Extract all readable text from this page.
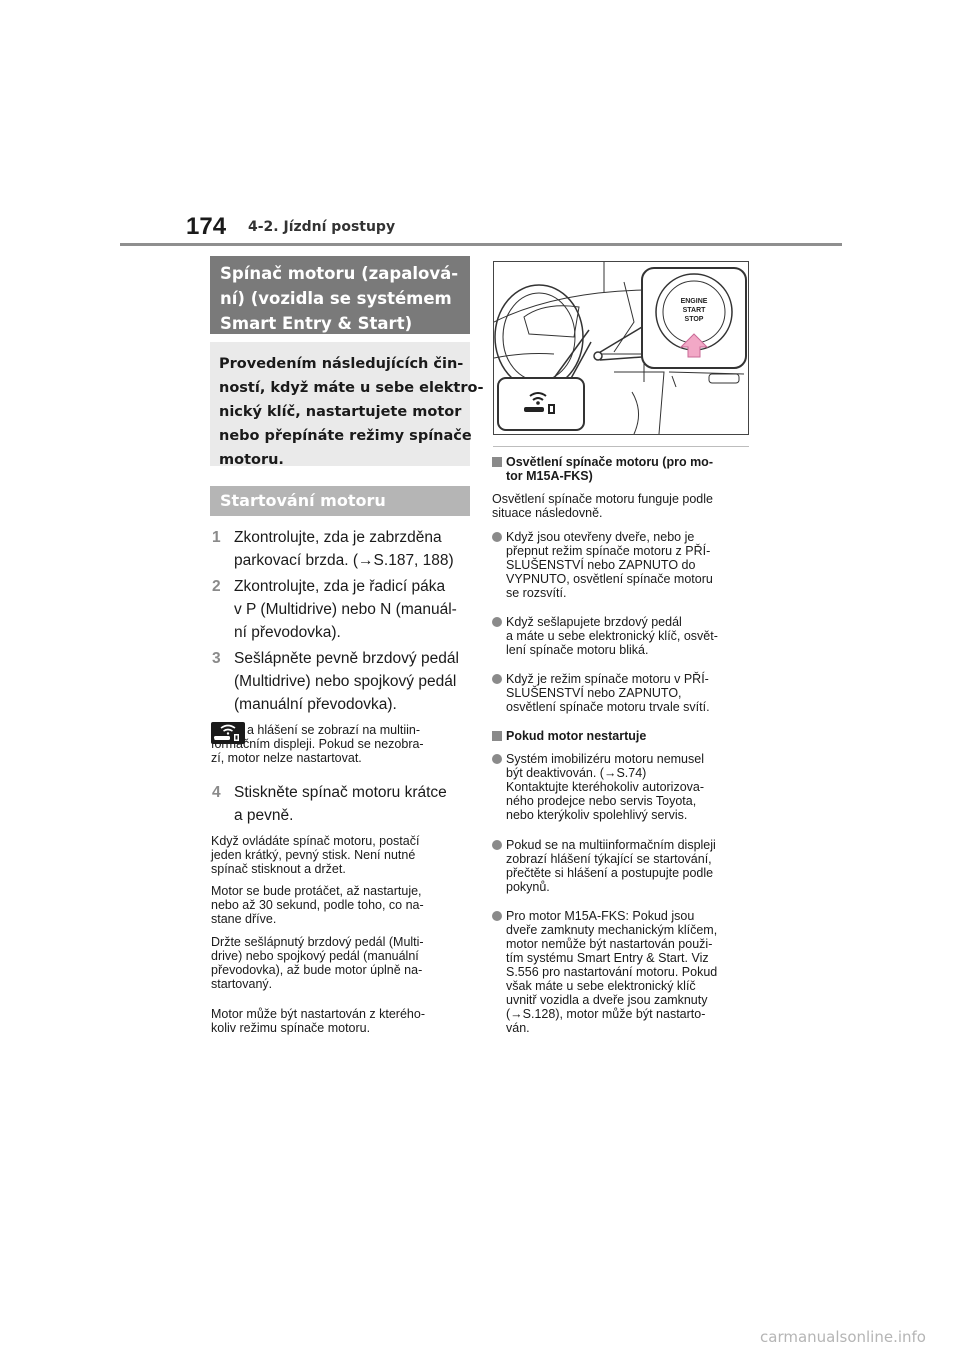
174 4-2. Jízdní postupy
Spínač motoru (zapalová-
ní) (vozidla se systémem
Smart Entry & Start)
Provedením následujících čin-
ností, když máte u sebe elektro-
nický klíč, nastartujete motor
nebo přepínáte režimy spínače
motoru.
Startování motoru
1 Zkontrolujte, zda je zabrzděna
parkovací brzda. (→S.187, 188)
2 Zkontrolujte, zda je řadicí páka
v P (Multidrive) nebo N (manuál-
ní převodovka).
3 Sešlápněte pevně brzdový pedál
(Multidrive) nebo spojkový pedál
(manuální převodovka).
a hlášení se zobrazí na multiin-
formačním displeji. Pokud se nezobra-
zí, motor nelze nastartovat.
4 Stiskněte spínač motoru krátce
a pevně.
Když ovládáte spínač motoru, postačí
jeden krátký, pevný stisk. Není nutné
spínač stisknout a držet.
Motor se bude protáčet, až nastartuje,
nebo až 30 sekund, podle toho, co na-
stane dříve.
Držte sešlápnutý brzdový pedál (Multi-
drive) nebo spojkový pedál (manuální
převodovka), až bude motor úplně na-
startovaný.
Motor může být nastartován z kterého-
koliv režimu spínače motoru.
ENGINE
START
STOP
Osvětlení spínače motoru (pro mo-
tor M15A-FKS)
Osvětlení spínače motoru funguje podle
situace následovně.
Když jsou otevřeny dveře, nebo je
přepnut režim spínače motoru z PŘÍ-
SLUŠENSTVÍ nebo ZAPNUTO do
VYPNUTO, osvětlení spínače motoru
se rozsvítí.
Když sešlapujete brzdový pedál
a máte u sebe elektronický klíč, osvět-
lení spínače motoru bliká.
Když je režim spínače motoru v PŘÍ-
SLUŠENSTVÍ nebo ZAPNUTO,
osvětlení spínače motoru trvale svítí.
Pokud motor nestartuje
Systém imobilizéru motoru nemusel
být deaktivován. (→S.74)
Kontaktujte kteréhokoliv autorizova-
ného prodejce nebo servis Toyota,
nebo kterýkoliv spolehlivý servis.
Pokud se na multiinformačním displeji
zobrazí hlášení týkající se startování,
přečtěte si hlášení a postupujte podle
pokynů.
Pro motor M15A-FKS: Pokud jsou
dveře zamknuty mechanickým klíčem,
motor nemůže být nastartován použi-
tím systému Smart Entry & Start. Viz
S.556 pro nastartování motoru. Pokud
však máte u sebe elektronický klíč
uvnitř vozidla a dveře jsou zamknuty
(→S.128), motor může být nastarto-
ván.
carmanualsonline.info
